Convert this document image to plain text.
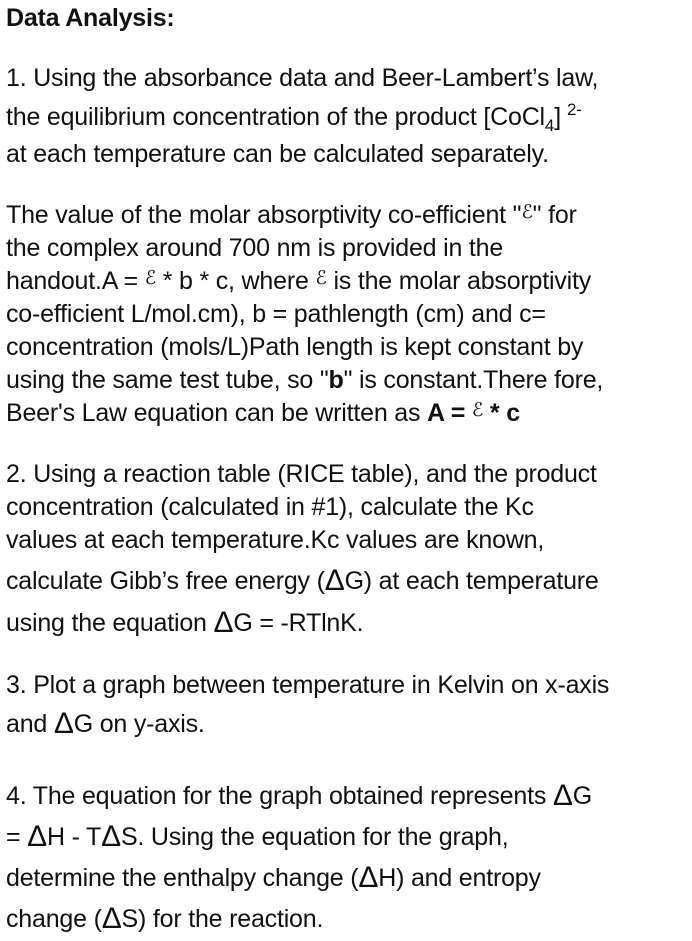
Data Analysis:
1. Using the absorbance data and Beer-Lambert’s law,
the equilibrium concentration of the product [CoCl$_4$] $^{2-}$
at each temperature can be calculated separately.
The value of the molar absorptivity co-efficient "$^ℰ$" for
the complex around 700 nm is provided in the
handout.A = $^ℰ$ * b * c, where $^ℰ$ is the molar absorptivity
co-efficient L/mol.cm), b = pathlength (cm) and c=
concentration (mols/L)Path length is kept constant by
using the same test tube, so "b" is constant.There fore,
Beer's Law equation can be written as A = $^ℰ$ * c
2. Using a reaction table (RICE table), and the product
concentration (calculated in #1), calculate the Kc
values at each temperature.Kc values are known,
calculate Gibb’s free energy (ΔG) at each temperature
using the equation ΔG = -RTlnK.
3. Plot a graph between temperature in Kelvin on x-axis
and ΔG on y-axis.
4. The equation for the graph obtained represents ΔG
= ΔH - TΔS. Using the equation for the graph,
determine the enthalpy change (ΔH) and entropy
change (ΔS) for the reaction.
